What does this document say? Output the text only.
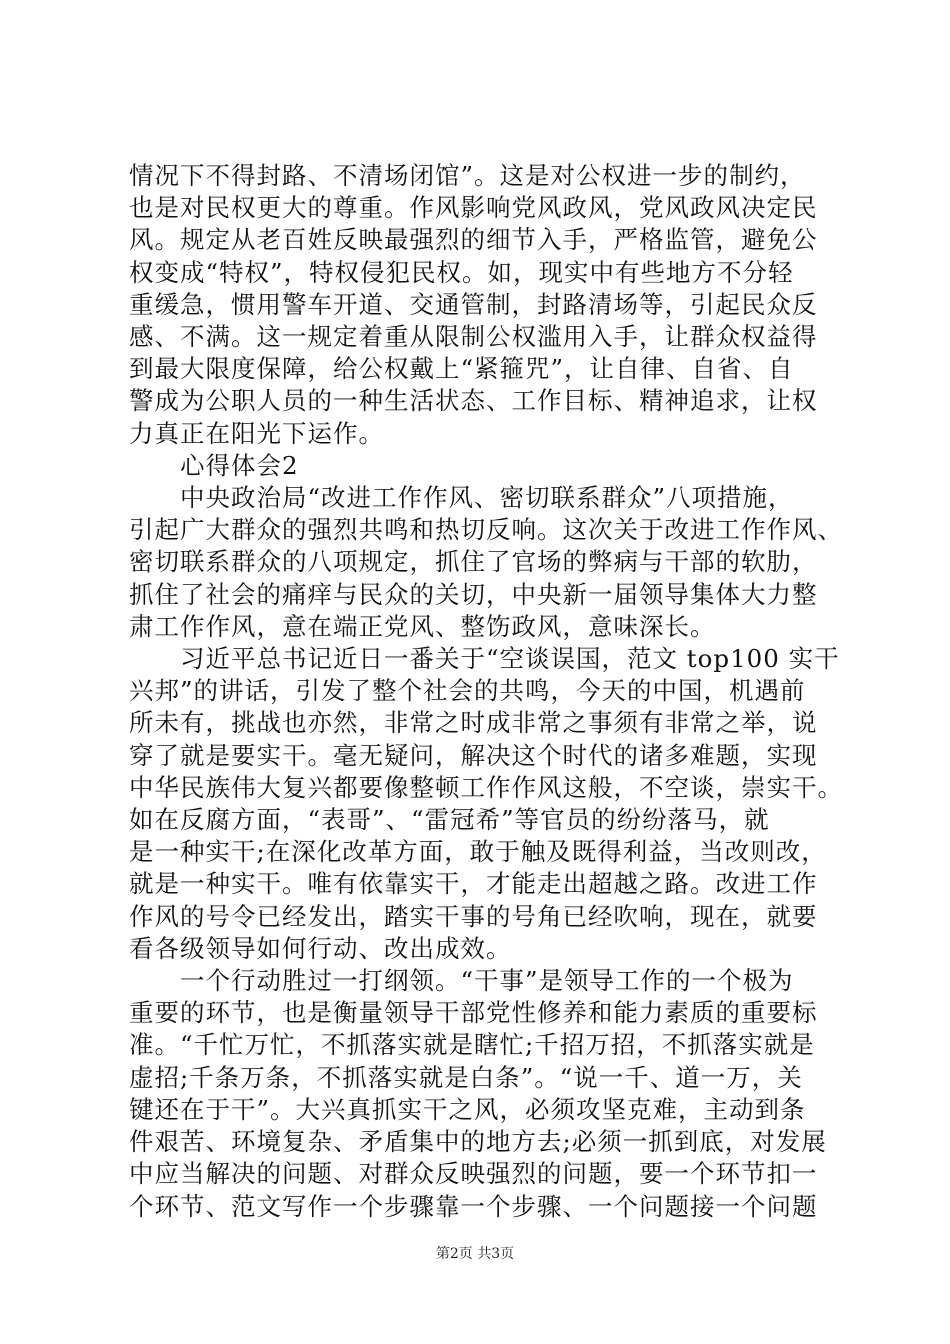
情况下不得封路、不清场闭馆”。这是对公权进一步的制约，
也是对民权更大的尊重。作风影响党风政风，党风政风决定民
风。规定从老百姓反映最强烈的细节入手，严格监管，避免公
权变成“特权”，特权侵犯民权。如，现实中有些地方不分轻
重缓急，惯用警车开道、交通管制，封路清场等，引起民众反
感、不满。这一规定着重从限制公权滥用入手，让群众权益得
到最大限度保障，给公权戴上“紧箍咒”，让自律、自省、自
警成为公职人员的一种生活状态、工作目标、精神追求，让权
力真正在阳光下运作。
　　心得体会2
　　中央政治局“改进工作作风、密切联系群众”八项措施，
引起广大群众的强烈共鸣和热切反响。这次关于改进工作作风、
密切联系群众的八项规定，抓住了官场的弊病与干部的软肋，
抓住了社会的痛痒与民众的关切，中央新一届领导集体大力整
肃工作作风，意在端正党风、整饬政风，意味深长。
　　习近平总书记近日一番关于“空谈误国，范文 top100 实干
兴邦”的讲话，引发了整个社会的共鸣，今天的中国，机遇前
所未有，挑战也亦然，非常之时成非常之事须有非常之举，说
穿了就是要实干。毫无疑问，解决这个时代的诸多难题，实现
中华民族伟大复兴都要像整顿工作作风这般，不空谈，崇实干。
如在反腐方面，“表哥”、“雷冠希”等官员的纷纷落马，就
是一种实干;在深化改革方面，敢于触及既得利益，当改则改，
就是一种实干。唯有依靠实干，才能走出超越之路。改进工作
作风的号令已经发出，踏实干事的号角已经吹响，现在，就要
看各级领导如何行动、改出成效。
　　一个行动胜过一打纲领。“干事”是领导工作的一个极为
重要的环节，也是衡量领导干部党性修养和能力素质的重要标
准。“千忙万忙，不抓落实就是瞎忙;千招万招，不抓落实就是
虚招;千条万条，不抓落实就是白条”。“说一千、道一万，关
键还在于干”。大兴真抓实干之风，必须攻坚克难，主动到条
件艰苦、环境复杂、矛盾集中的地方去;必须一抓到底，对发展
中应当解决的问题、对群众反映强烈的问题，要一个环节扣一
个环节、范文写作一个步骤靠一个步骤、一个问题接一个问题
第2页 共3页
